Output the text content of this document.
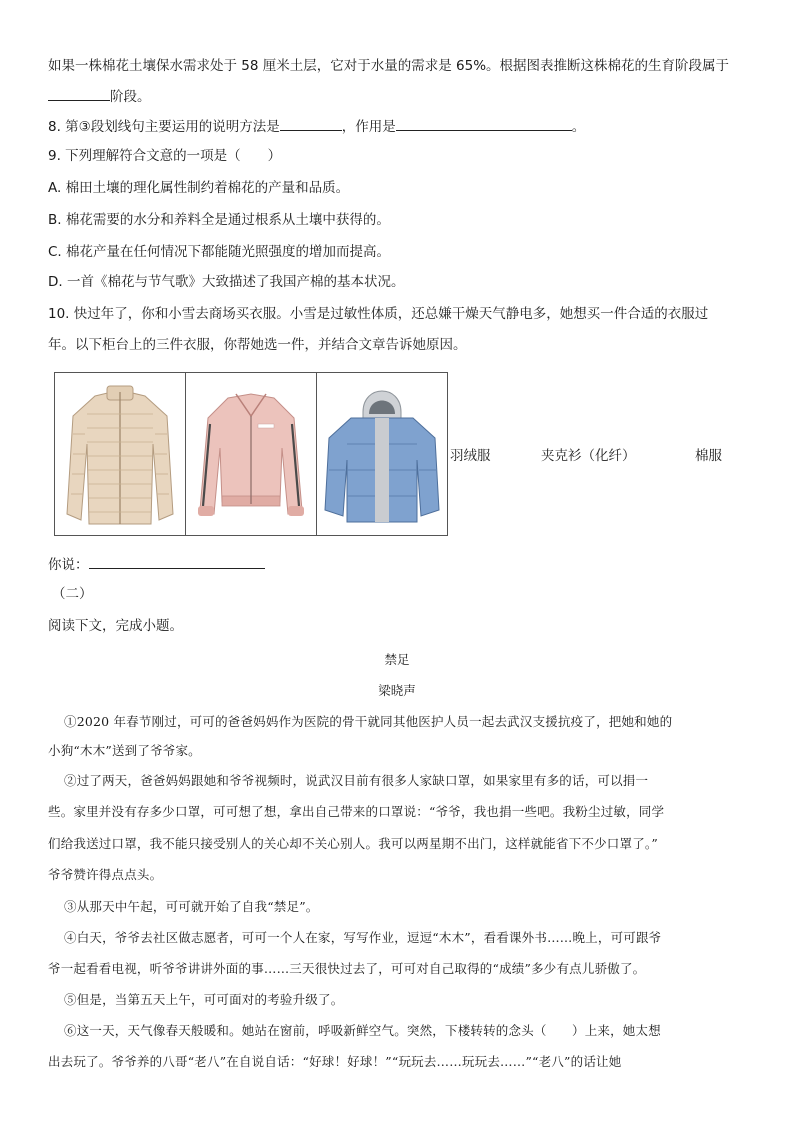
如果一株棉花土壤保水需求处于 58 厘米土层，它对于水量的需求是 65%。根据图表推断这株棉花的生育阶段属于
阶段。
8. 第③段划线句主要运用的说明方法是	，作用是	。
9. 下列理解符合文意的一项是（　　）
A. 棉田土壤的理化属性制约着棉花的产量和品质。
B. 棉花需要的水分和养料全是通过根系从土壤中获得的。
C. 棉花产量在任何情况下都能随光照强度的增加而提高。
D. 一首《棉花与节气歌》大致描述了我国产棉的基本状况。
10. 快过年了，你和小雪去商场买衣服。小雪是过敏性体质，还总嫌干燥天气静电多，她想买一件合适的衣服过
年。以下柜台上的三件衣服，你帮她选一件，并结合文章告诉她原因。
羽绒服	夹克衫（化纤）	棉服
你说：
（二）
阅读下文，完成小题。
禁足
梁晓声
①2020 年春节刚过，可可的爸爸妈妈作为医院的骨干就同其他医护人员一起去武汉支援抗疫了，把她和她的
小狗“木木”送到了爷爷家。
②过了两天，爸爸妈妈跟她和爷爷视频时，说武汉目前有很多人家缺口罩，如果家里有多的话，可以捐一
些。家里并没有存多少口罩，可可想了想，拿出自己带来的口罩说：“爷爷，我也捐一些吧。我粉尘过敏，同学
们给我送过口罩，我不能只接受别人的关心却不关心别人。我可以两星期不出门，这样就能省下不少口罩了。”
爷爷赞许得点点头。
③从那天中午起，可可就开始了自我“禁足”。
④白天，爷爷去社区做志愿者，可可一个人在家，写写作业，逗逗“木木”，看看课外书……晚上，可可跟爷
爷一起看看电视，听爷爷讲讲外面的事……三天很快过去了，可可对自己取得的“成绩”多少有点儿骄傲了。
⑤但是，当第五天上午，可可面对的考验升级了。
⑥这一天，天气像春天般暖和。她站在窗前，呼吸新鲜空气。突然，下楼转转的念头（　　）上来，她太想
出去玩了。爷爷养的八哥“老八”在自说自话：“好球！好球！”“玩玩去……玩玩去……”“老八”的话让她
